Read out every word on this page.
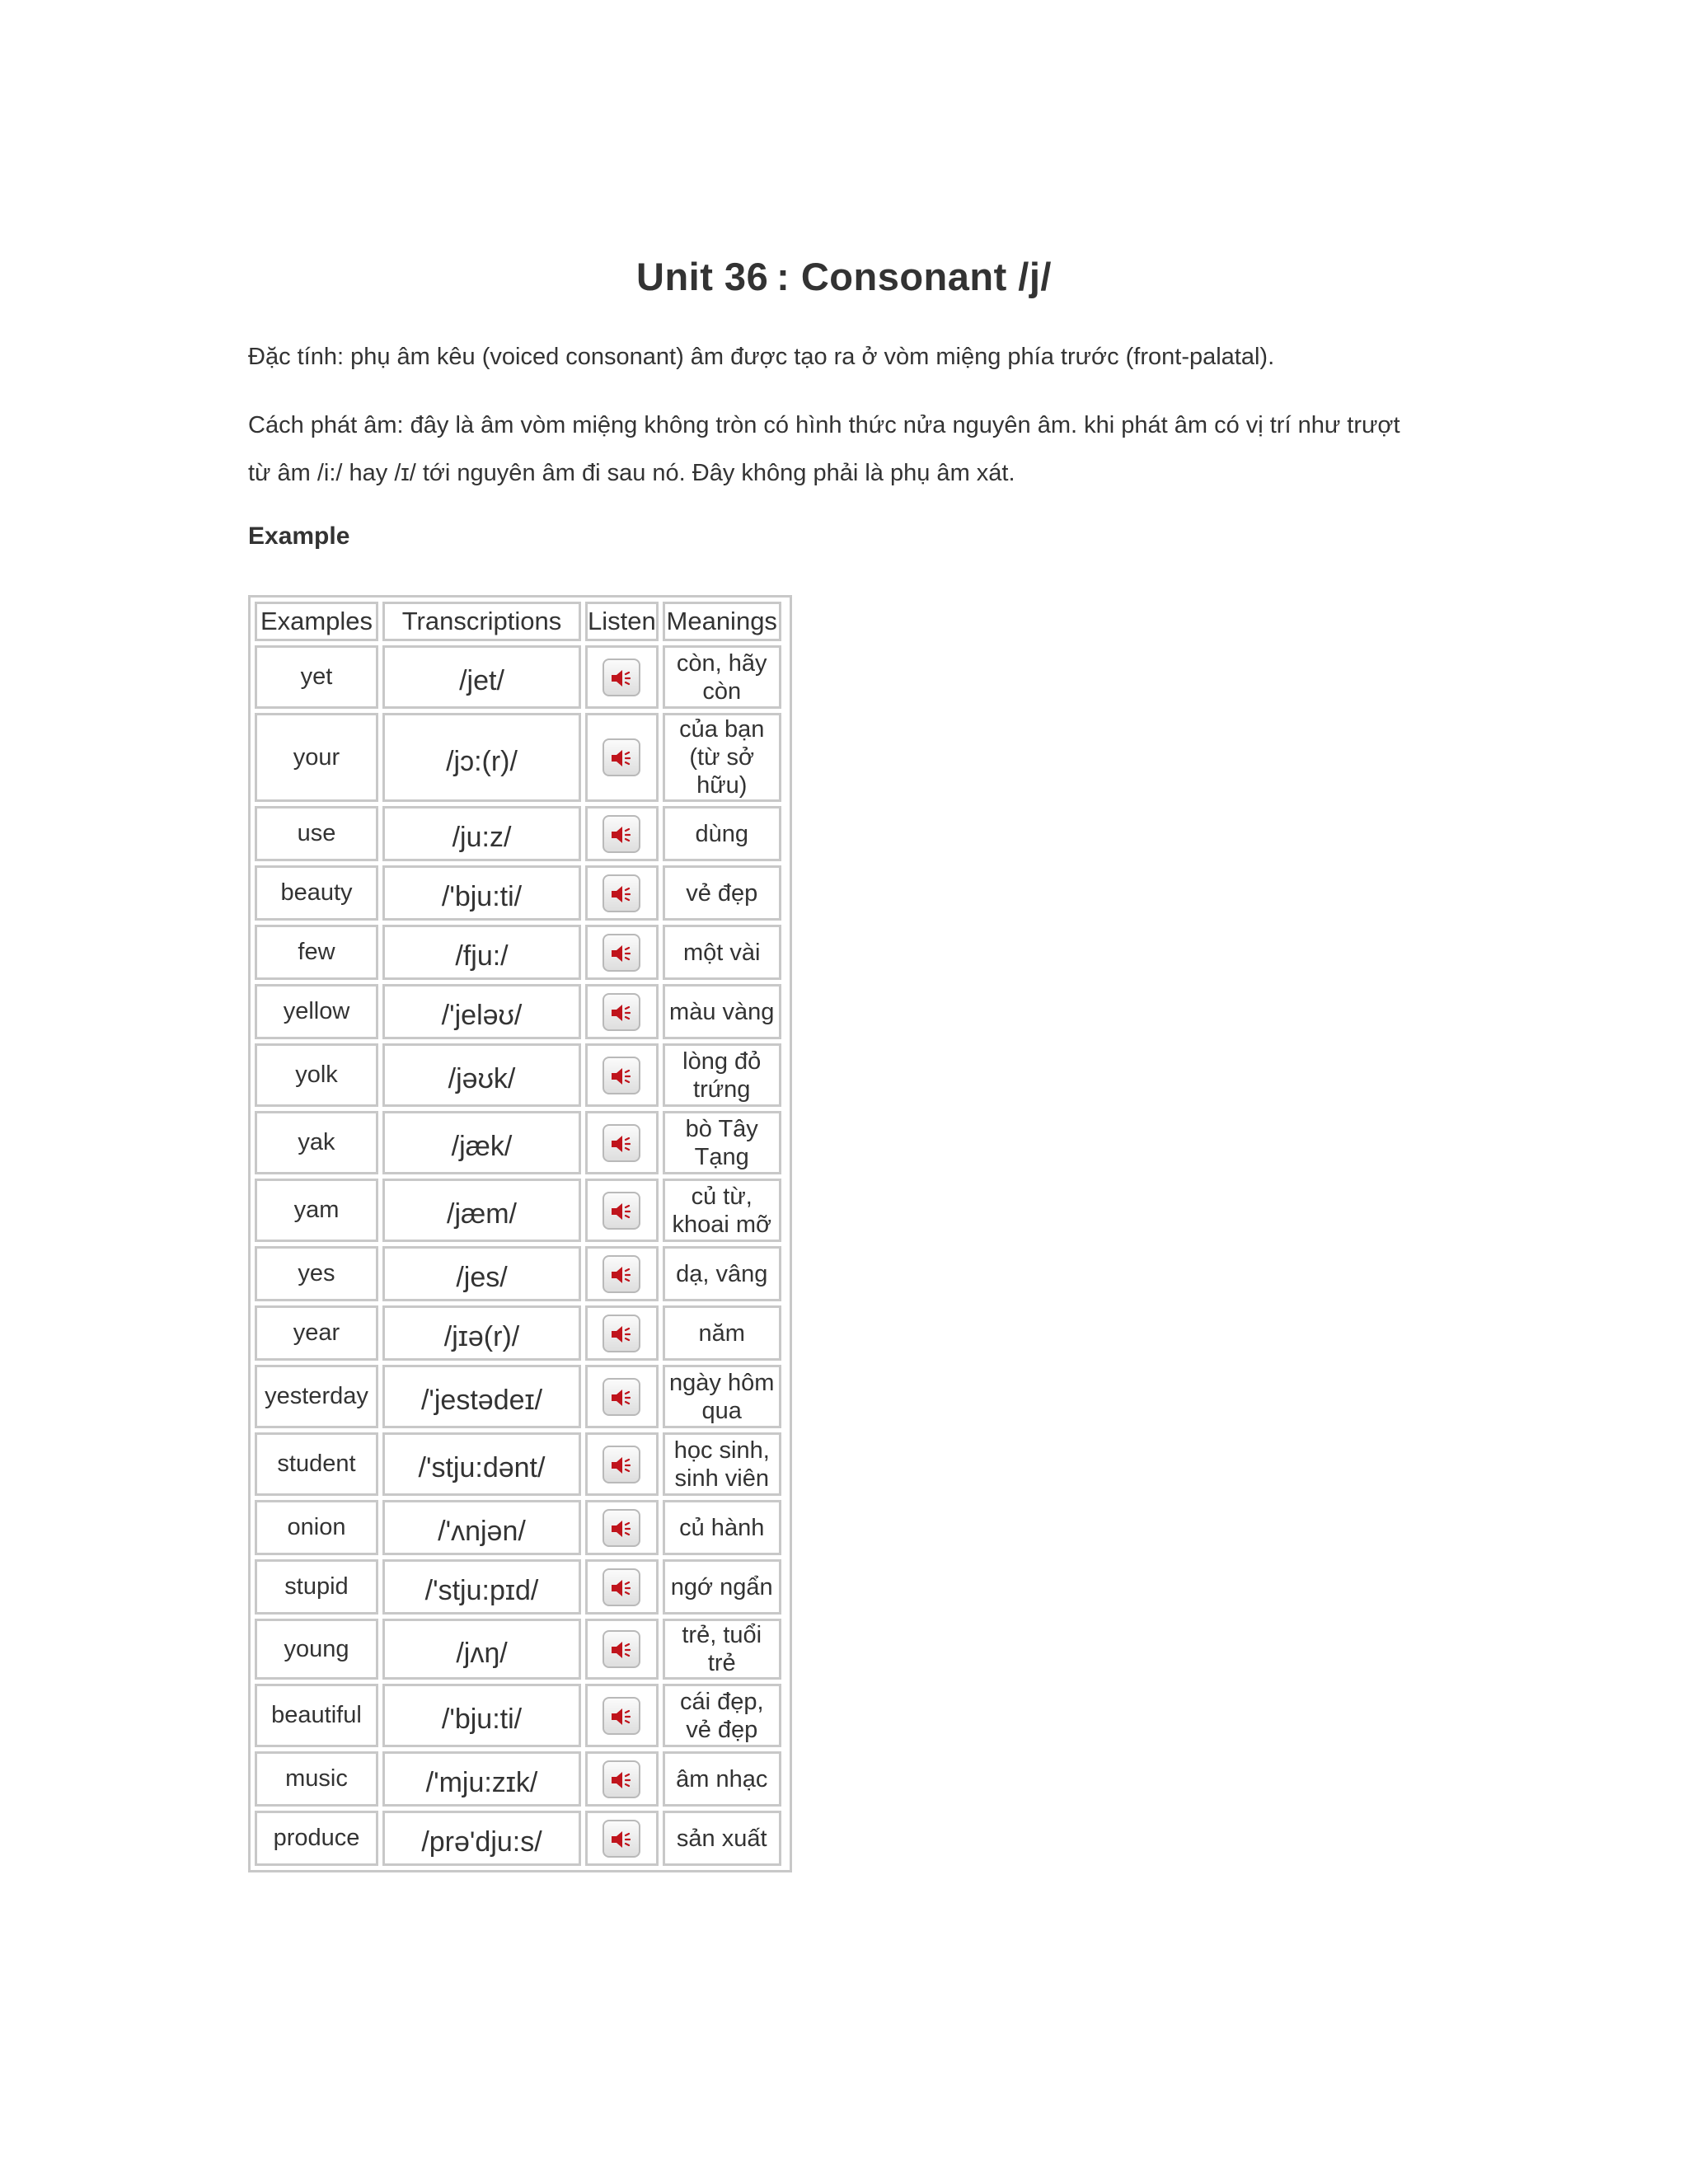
Unit 36 : Consonant /j/
Đặc tính: phụ âm kêu (voiced consonant) âm được tạo ra ở vòm miệng phía trước (front-palatal).
Cách phát âm: đây là âm vòm miệng không tròn có hình thức nửa nguyên âm. khi phát âm có vị trí như trượt từ âm /i:/ hay /ɪ/ tới nguyên âm đi sau nó. Đây không phải là phụ âm xát.
Example
Examples	Transcriptions	Listen	Meanings
yet	/jet/		còn, hãy còn
your	/jɔ:(r)/		của bạn (từ sở hữu)
use	/ju:z/		dùng
beauty	/'bju:ti/		vẻ đẹp
few	/fju:/		một vài
yellow	/'jeləʊ/		màu vàng
yolk	/jəʊk/		lòng đỏ trứng
yak	/jæk/		bò Tây Tạng
yam	/jæm/		củ từ, khoai mỡ
yes	/jes/		dạ, vâng
year	/jɪə(r)/		năm
yesterday	/'jestədeɪ/		ngày hôm qua
student	/'stju:dənt/		học sinh, sinh viên
onion	/'ʌnjən/		củ hành
stupid	/'stju:pɪd/		ngớ ngẩn
young	/jʌŋ/		trẻ, tuổi trẻ
beautiful	/'bju:ti/		cái đẹp, vẻ đẹp
music	/'mju:zɪk/		âm nhạc
produce	/prə'dju:s/		sản xuất
